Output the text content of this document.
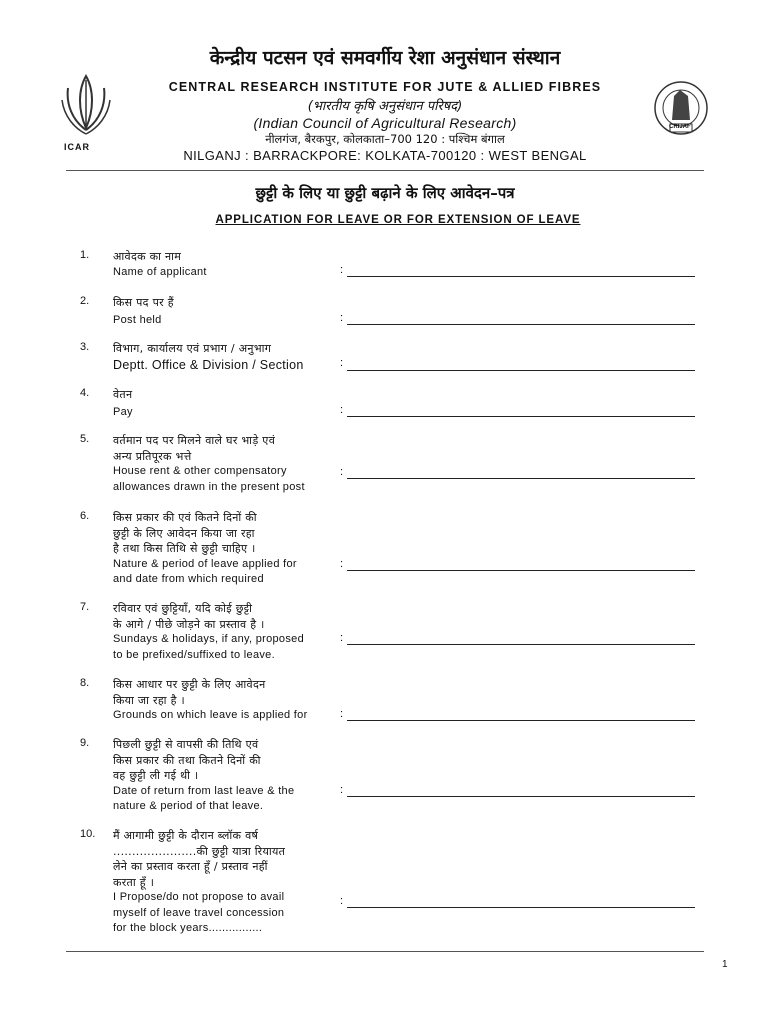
ICAR
CRIJAF
केन्द्रीय पटसन एवं समवर्गीय रेशा अनुसंधान संस्थान
CENTRAL RESEARCH INSTITUTE FOR JUTE & ALLIED FIBRES
(भारतीय कृषि अनुसंधान परिषद)
(Indian Council of Agricultural Research)
नीलगंज, बैरकपुर, कोलकाता–700 120 : पश्चिम बंगाल
NILGANJ : BARRACKPORE: KOLKATA-700120 : WEST BENGAL
छुट्टी के लिए या छुट्टी बढ़ाने के लिए आवेदन–पत्र
APPLICATION FOR LEAVE OR FOR EXTENSION OF LEAVE
1. आवेदक का नाम
Name of applicant	:
2. किस पद पर हैं
Post held	:
3. विभाग, कार्यालय एवं प्रभाग / अनुभाग
Deptt. Office & Division / Section	:
4. वेतन
Pay	:
5. वर्तमान पद पर मिलने वाले घर भाड़े एवं
अन्य प्रतिपूरक भत्ते
House rent & other compensatory
allowances drawn in the present post
:
6. किस प्रकार की एवं कितने दिनों की
छुट्टी के लिए आवेदन किया जा रहा
है तथा किस तिथि से छुट्टी चाहिए ।
Nature & period of leave applied for
and date from which required
:
7. रविवार एवं छुट्टियाँ, यदि कोई छुट्टी
के आगे / पीछे जोड़ने का प्रस्ताव है ।
Sundays & holidays, if any, proposed
to be prefixed/suffixed to leave.
:
8. किस आधार पर छुट्टी के लिए आवेदन
किया जा रहा है ।
Grounds on which leave is applied for	:
9. पिछली छुट्टी से वापसी की तिथि एवं
किस प्रकार की तथा कितने दिनों की
वह छुट्टी ली गई थी ।
Date of return from last leave & the
nature & period of that leave.
:
10. मैं आगामी छुट्टी के दौरान ब्लॉक वर्ष
......................की छुट्टी यात्रा रियायत
लेने का प्रस्ताव करता हूँ / प्रस्ताव नहीं
करता हूँ ।
I Propose/do not propose to avail
myself of leave travel concession
for the block years................
:
1
